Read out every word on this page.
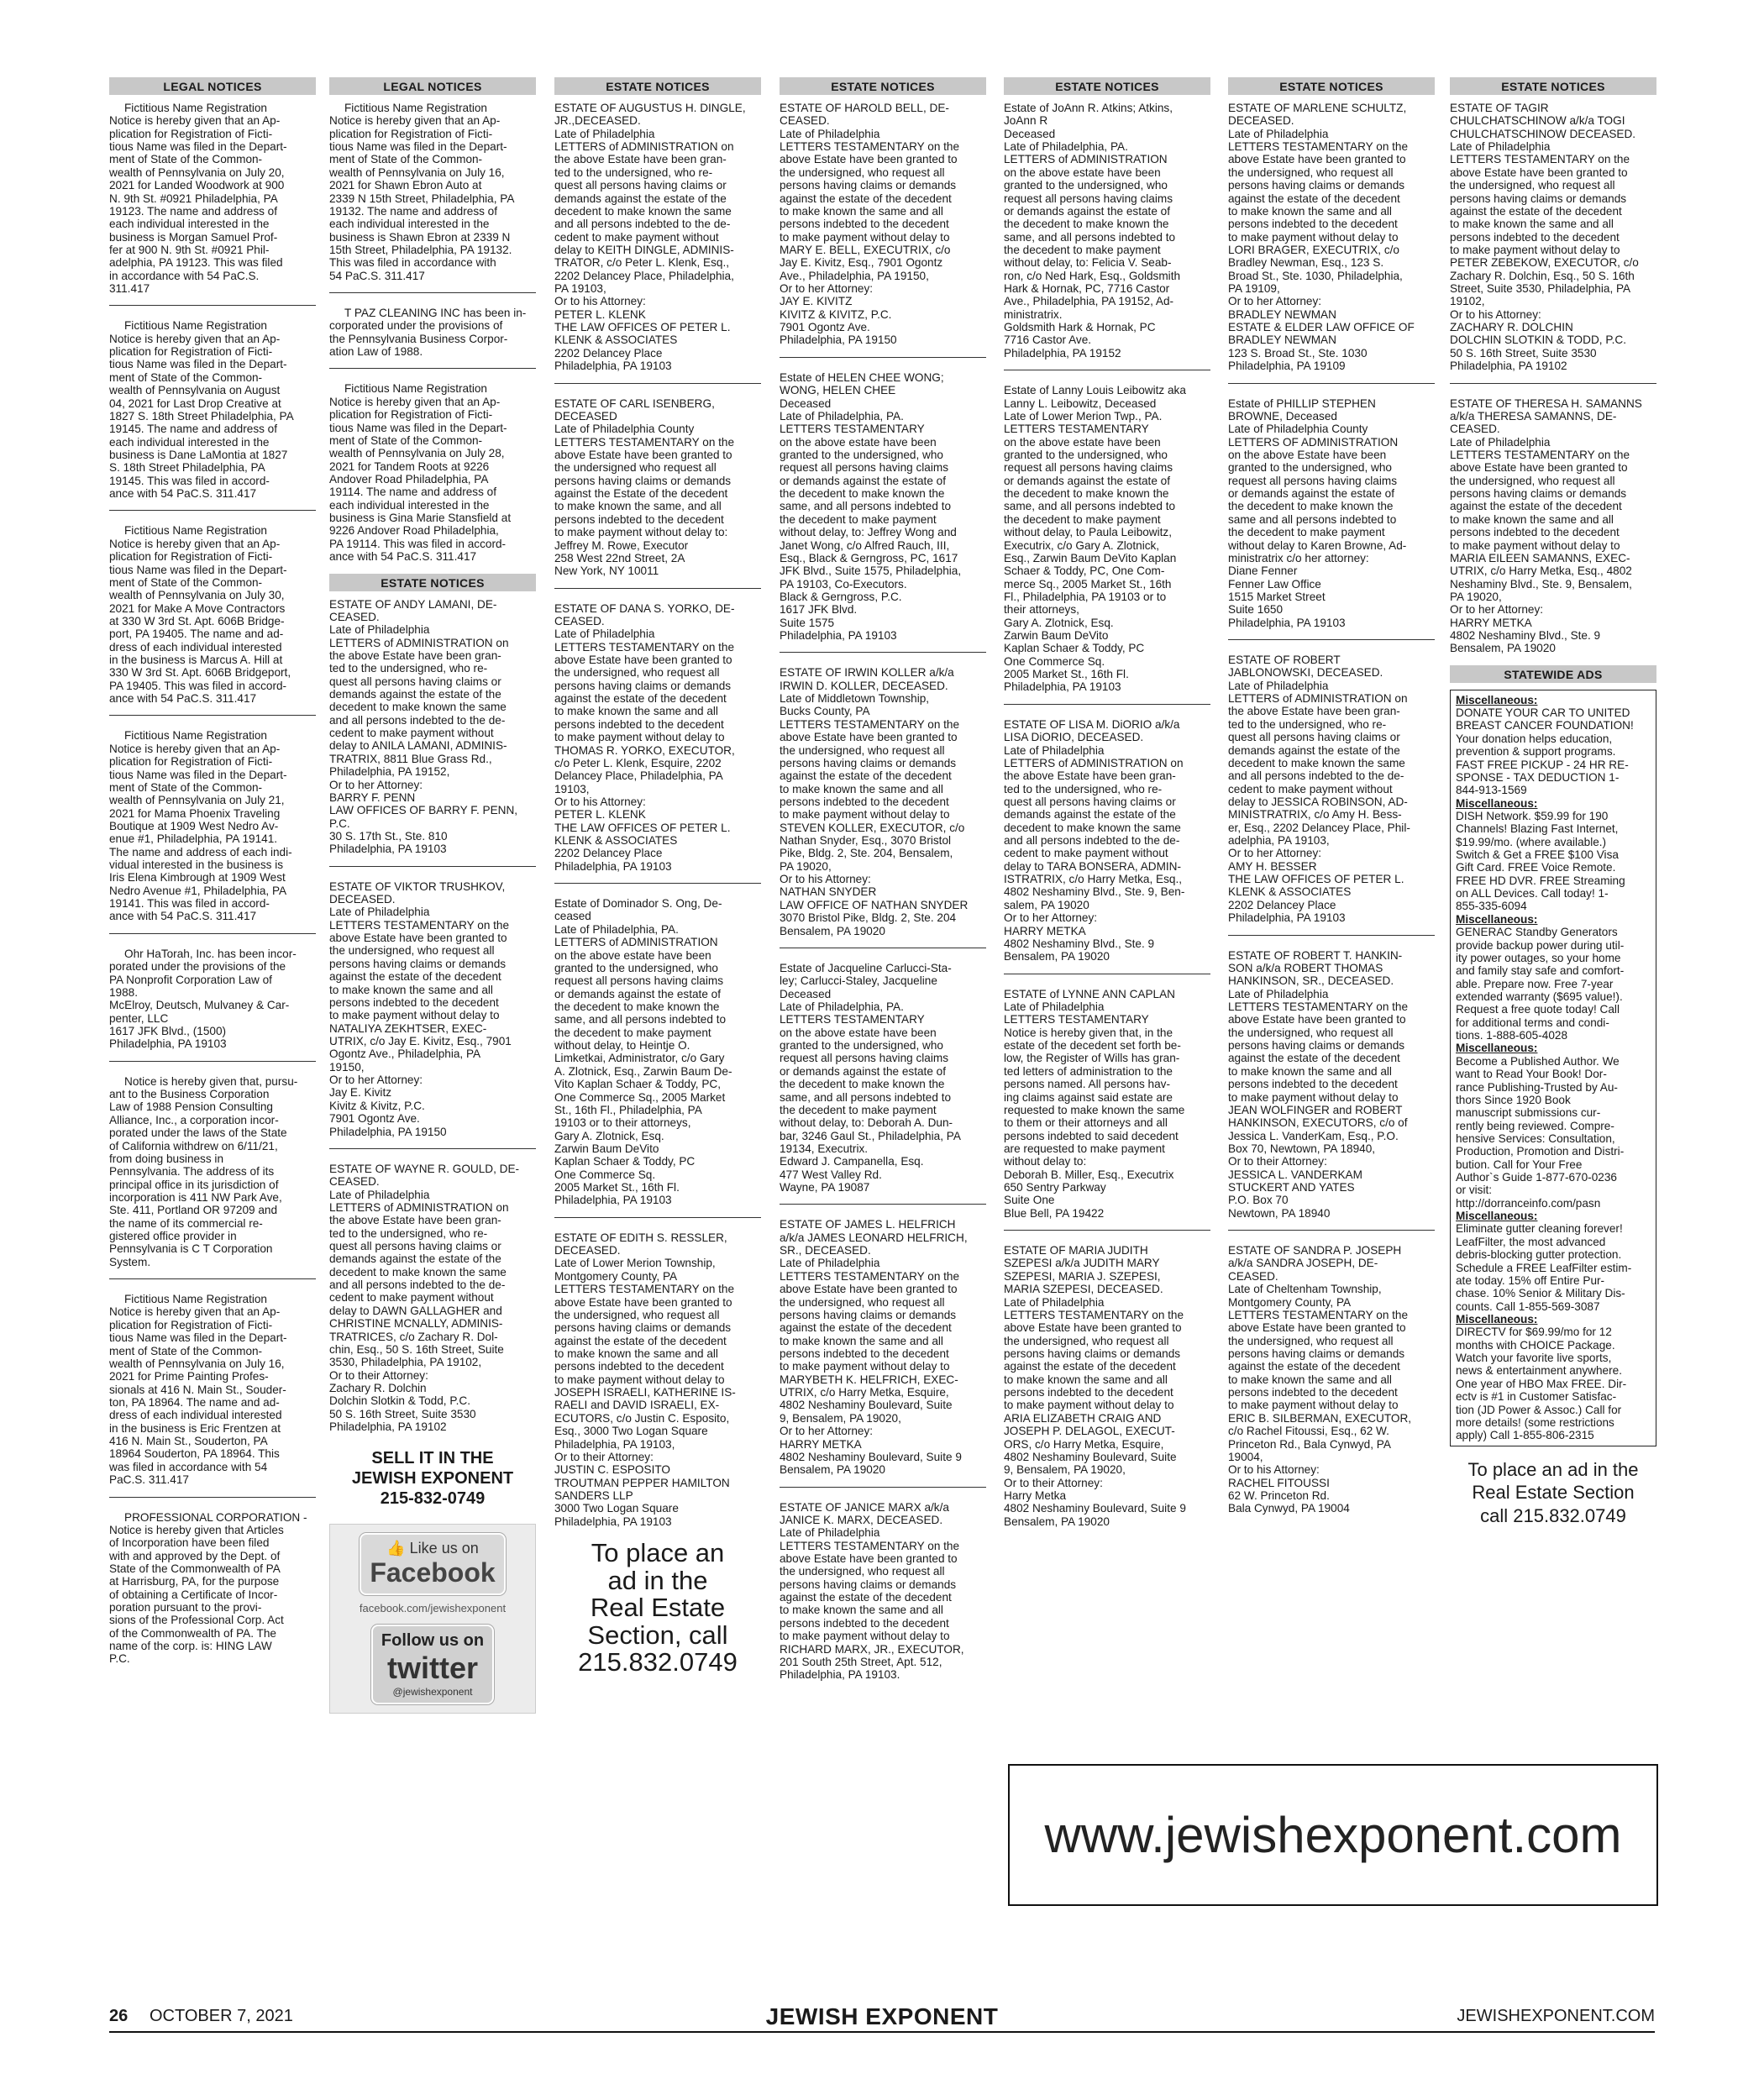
LEGAL NOTICES
Fictitious Name Registration
Notice is hereby given that an Ap-
plication for Registration of Ficti-
tious Name was filed in the Depart-
ment of State of the Common-
wealth of Pennsylvania on July 20,
2021 for Landed Woodwork at 900
N. 9th St. #0921 Philadelphia, PA
19123. The name and address of
each individual interested in the
business is Morgan Samuel Prof-
fer at 900 N. 9th St. #0921 Phil-
adelphia, PA 19123. This was filed
in accordance with 54 PaC.S.
311.417
Fictitious Name Registration
Notice is hereby given that an Ap-
plication for Registration of Ficti-
tious Name was filed in the Depart-
ment of State of the Common-
wealth of Pennsylvania on August
04, 2021 for Last Drop Creative at
1827 S. 18th Street Philadelphia, PA
19145. The name and address of
each individual interested in the
business is Dane LaMontia at 1827
S. 18th Street Philadelphia, PA
19145. This was filed in accord-
ance with 54 PaC.S. 311.417
Fictitious Name Registration
Notice is hereby given that an Ap-
plication for Registration of Ficti-
tious Name was filed in the Depart-
ment of State of the Common-
wealth of Pennsylvania on July 30,
2021 for Make A Move Contractors
at 330 W 3rd St. Apt. 606B Bridge-
port, PA 19405. The name and ad-
dress of each individual interested
in the business is Marcus A. Hill at
330 W 3rd St. Apt. 606B Bridgeport,
PA 19405. This was filed in accord-
ance with 54 PaC.S. 311.417
Fictitious Name Registration
Notice is hereby given that an Ap-
plication for Registration of Ficti-
tious Name was filed in the Depart-
ment of State of the Common-
wealth of Pennsylvania on July 21,
2021 for Mama Phoenix Traveling
Boutique at 1909 West Nedro Av-
enue #1, Philadelphia, PA 19141.
The name and address of each indi-
vidual interested in the business is
Iris Elena Kimbrough at 1909 West
Nedro Avenue #1, Philadelphia, PA
19141. This was filed in accord-
ance with 54 PaC.S. 311.417
Ohr HaTorah, Inc. has been incor-
porated under the provisions of the
PA Nonprofit Corporation Law of
1988.
McElroy, Deutsch, Mulvaney & Car-
penter, LLC
1617 JFK Blvd., (1500)
Philadelphia, PA 19103
Notice is hereby given that, pursu-
ant to the Business Corporation
Law of 1988 Pension Consulting
Alliance, Inc., a corporation incor-
porated under the laws of the State
of California withdrew on 6/11/21,
from doing business in
Pennsylvania. The address of its
principal office in its jurisdiction of
incorporation is 411 NW Park Ave,
Ste. 411, Portland OR 97209 and
the name of its commercial re-
gistered office provider in
Pennsylvania is C T Corporation
System.
Fictitious Name Registration
Notice is hereby given that an Ap-
plication for Registration of Ficti-
tious Name was filed in the Depart-
ment of State of the Common-
wealth of Pennsylvania on July 16,
2021 for Prime Painting Profes-
sionals at 416 N. Main St., Souder-
ton, PA 18964. The name and ad-
dress of each individual interested
in the business is Eric Frentzen at
416 N. Main St., Souderton, PA
18964 Souderton, PA 18964. This
was filed in accordance with 54
PaC.S. 311.417
PROFESSIONAL CORPORATION -
Notice is hereby given that Articles
of Incorporation have been filed
with and approved by the Dept. of
State of the Commonwealth of PA
at Harrisburg, PA, for the purpose
of obtaining a Certificate of Incor-
poration pursuant to the provi-
sions of the Professional Corp. Act
of the Commonwealth of PA. The
name of the corp. is: HING LAW
P.C.
LEGAL NOTICES
Fictitious Name Registration
Notice is hereby given that an Ap-
plication for Registration of Ficti-
tious Name was filed in the Depart-
ment of State of the Common-
wealth of Pennsylvania on July 16,
2021 for Shawn Ebron Auto at
2339 N 15th Street, Philadelphia, PA
19132. The name and address of
each individual interested in the
business is Shawn Ebron at 2339 N
15th Street, Philadelphia, PA 19132.
This was filed in accordance with
54 PaC.S. 311.417
T PAZ CLEANING INC has been in-
corporated under the provisions of
the Pennsylvania Business Corpor-
ation Law of 1988.
Fictitious Name Registration
Notice is hereby given that an Ap-
plication for Registration of Ficti-
tious Name was filed in the Depart-
ment of State of the Common-
wealth of Pennsylvania on July 28,
2021 for Tandem Roots at 9226
Andover Road Philadelphia, PA
19114. The name and address of
each individual interested in the
business is Gina Marie Stansfield at
9226 Andover Road Philadelphia,
PA 19114. This was filed in accord-
ance with 54 PaC.S. 311.417
ESTATE NOTICES
ESTATE OF ANDY LAMANI, DE-
CEASED.
Late of Philadelphia
LETTERS of ADMINISTRATION on
the above Estate have been gran-
ted to the undersigned, who re-
quest all persons having claims or
demands against the estate of the
decedent to make known the same
and all persons indebted to the de-
cedent to make payment without
delay to ANILA LAMANI, ADMINIS-
TRATRIX, 8811 Blue Grass Rd.,
Philadelphia, PA 19152,
Or to her Attorney:
BARRY F. PENN
LAW OFFICES OF BARRY F. PENN,
P.C.
30 S. 17th St., Ste. 810
Philadelphia, PA 19103
ESTATE OF VIKTOR TRUSHKOV,
DECEASED.
Late of Philadelphia
LETTERS TESTAMENTARY on the
above Estate have been granted to
the undersigned, who request all
persons having claims or demands
against the estate of the decedent
to make known the same and all
persons indebted to the decedent
to make payment without delay to
NATALIYA ZEKHTSER, EXEC-
UTRIX, c/o Jay E. Kivitz, Esq., 7901
Ogontz Ave., Philadelphia, PA
19150,
Or to her Attorney:
Jay E. Kivitz
Kivitz & Kivitz, P.C.
7901 Ogontz Ave.
Philadelphia, PA 19150
ESTATE OF WAYNE R. GOULD, DE-
CEASED.
Late of Philadelphia
LETTERS of ADMINISTRATION on
the above Estate have been gran-
ted to the undersigned, who re-
quest all persons having claims or
demands against the estate of the
decedent to make known the same
and all persons indebted to the de-
cedent to make payment without
delay to DAWN GALLAGHER and
CHRISTINE MCNALLY, ADMINIS-
TRATRICES, c/o Zachary R. Dol-
chin, Esq., 50 S. 16th Street, Suite
3530, Philadelphia, PA 19102,
Or to their Attorney:
Zachary R. Dolchin
Dolchin Slotkin & Todd, P.C.
50 S. 16th Street, Suite 3530
Philadelphia, PA 19102
SELL IT IN THE
JEWISH EXPONENT
215-832-0749
👍 Like us on
Facebook
facebook.com/jewishexponent
Follow us on
twitter
@jewishexponent
ESTATE NOTICES
ESTATE OF AUGUSTUS H. DINGLE,
JR.,DECEASED.
Late of Philadelphia
LETTERS of ADMINISTRATION on
the above Estate have been gran-
ted to the undersigned, who re-
quest all persons having claims or
demands against the estate of the
decedent to make known the same
and all persons indebted to the de-
cedent to make payment without
delay to KEITH DINGLE, ADMINIS-
TRATOR, c/o Peter L. Klenk, Esq.,
2202 Delancey Place, Philadelphia,
PA 19103,
Or to his Attorney:
PETER L. KLENK
THE LAW OFFICES OF PETER L.
KLENK & ASSOCIATES
2202 Delancey Place
Philadelphia, PA 19103
ESTATE OF CARL ISENBERG,
DECEASED
Late of Philadelphia County
LETTERS TESTAMENTARY on the
above Estate have been granted to
the undersigned who request all
persons having claims or demands
against the Estate of the decedent
to make known the same, and all
persons indebted to the decedent
to make payment without delay to:
Jeffrey M. Rowe, Executor
258 West 22nd Street, 2A
New York, NY 10011
ESTATE OF DANA S. YORKO, DE-
CEASED.
Late of Philadelphia
LETTERS TESTAMENTARY on the
above Estate have been granted to
the undersigned, who request all
persons having claims or demands
against the estate of the decedent
to make known the same and all
persons indebted to the decedent
to make payment without delay to
THOMAS R. YORKO, EXECUTOR,
c/o Peter L. Klenk, Esquire, 2202
Delancey Place, Philadelphia, PA
19103,
Or to his Attorney:
PETER L. KLENK
THE LAW OFFICES OF PETER L.
KLENK & ASSOCIATES
2202 Delancey Place
Philadelphia, PA 19103
Estate of Dominador S. Ong, De-
ceased
Late of Philadelphia, PA.
LETTERS of ADMINISTRATION
on the above estate have been
granted to the undersigned, who
request all persons having claims
or demands against the estate of
the decedent to make known the
same, and all persons indebted to
the decedent to make payment
without delay, to Heintje O.
Limketkai, Administrator, c/o Gary
A. Zlotnick, Esq., Zarwin Baum De-
Vito Kaplan Schaer & Toddy, PC,
One Commerce Sq., 2005 Market
St., 16th Fl., Philadelphia, PA
19103 or to their attorneys,
Gary A. Zlotnick, Esq.
Zarwin Baum DeVito
Kaplan Schaer & Toddy, PC
One Commerce Sq.
2005 Market St., 16th Fl.
Philadelphia, PA 19103
ESTATE OF EDITH S. RESSLER,
DECEASED.
Late of Lower Merion Township,
Montgomery County, PA
LETTERS TESTAMENTARY on the
above Estate have been granted to
the undersigned, who request all
persons having claims or demands
against the estate of the decedent
to make known the same and all
persons indebted to the decedent
to make payment without delay to
JOSEPH ISRAELI, KATHERINE IS-
RAELI and DAVID ISRAELI, EX-
ECUTORS, c/o Justin C. Esposito,
Esq., 3000 Two Logan Square
Philadelphia, PA 19103,
Or to their Attorney:
JUSTIN C. ESPOSITO
TROUTMAN PEPPER HAMILTON
SANDERS LLP
3000 Two Logan Square
Philadelphia, PA 19103
To place an
ad in the
Real Estate
Section, call
215.832.0749
ESTATE NOTICES
ESTATE OF HAROLD BELL, DE-
CEASED.
Late of Philadelphia
LETTERS TESTAMENTARY on the
above Estate have been granted to
the undersigned, who request all
persons having claims or demands
against the estate of the decedent
to make known the same and all
persons indebted to the decedent
to make payment without delay to
MARY E. BELL, EXECUTRIX, c/o
Jay E. Kivitz, Esq., 7901 Ogontz
Ave., Philadelphia, PA 19150,
Or to her Attorney:
JAY E. KIVITZ
KIVITZ & KIVITZ, P.C.
7901 Ogontz Ave.
Philadelphia, PA 19150
Estate of HELEN CHEE WONG;
WONG, HELEN CHEE
Deceased
Late of Philadelphia, PA.
LETTERS TESTAMENTARY
on the above estate have been
granted to the undersigned, who
request all persons having claims
or demands against the estate of
the decedent to make known the
same, and all persons indebted to
the decedent to make payment
without delay, to: Jeffrey Wong and
Janet Wong, c/o Alfred Rauch, III,
Esq., Black & Gerngross, PC, 1617
JFK Blvd., Suite 1575, Philadelphia,
PA 19103, Co-Executors.
Black & Gerngross, P.C.
1617 JFK Blvd.
Suite 1575
Philadelphia, PA 19103
ESTATE OF IRWIN KOLLER a/k/a
IRWIN D. KOLLER, DECEASED.
Late of Middletown Township,
Bucks County, PA
LETTERS TESTAMENTARY on the
above Estate have been granted to
the undersigned, who request all
persons having claims or demands
against the estate of the decedent
to make known the same and all
persons indebted to the decedent
to make payment without delay to
STEVEN KOLLER, EXECUTOR, c/o
Nathan Snyder, Esq., 3070 Bristol
Pike, Bldg. 2, Ste. 204, Bensalem,
PA 19020,
Or to his Attorney:
NATHAN SNYDER
LAW OFFICE OF NATHAN SNYDER
3070 Bristol Pike, Bldg. 2, Ste. 204
Bensalem, PA 19020
Estate of Jacqueline Carlucci-Sta-
ley; Carlucci-Staley, Jacqueline
Deceased
Late of Philadelphia, PA.
LETTERS TESTAMENTARY
on the above estate have been
granted to the undersigned, who
request all persons having claims
or demands against the estate of
the decedent to make known the
same, and all persons indebted to
the decedent to make payment
without delay, to: Deborah A. Dun-
bar, 3246 Gaul St., Philadelphia, PA
19134, Executrix.
Edward J. Campanella, Esq.
477 West Valley Rd.
Wayne, PA 19087
ESTATE OF JAMES L. HELFRICH
a/k/a JAMES LEONARD HELFRICH,
SR., DECEASED.
Late of Philadelphia
LETTERS TESTAMENTARY on the
above Estate have been granted to
the undersigned, who request all
persons having claims or demands
against the estate of the decedent
to make known the same and all
persons indebted to the decedent
to make payment without delay to
MARYBETH K. HELFRICH, EXEC-
UTRIX, c/o Harry Metka, Esquire,
4802 Neshaminy Boulevard, Suite
9, Bensalem, PA 19020,
Or to her Attorney:
HARRY METKA
4802 Neshaminy Boulevard, Suite 9
Bensalem, PA 19020
ESTATE OF JANICE MARX a/k/a
JANICE K. MARX, DECEASED.
Late of Philadelphia
LETTERS TESTAMENTARY on the
above Estate have been granted to
the undersigned, who request all
persons having claims or demands
against the estate of the decedent
to make known the same and all
persons indebted to the decedent
to make payment without delay to
RICHARD MARX, JR., EXECUTOR,
201 South 25th Street, Apt. 512,
Philadelphia, PA 19103.
ESTATE NOTICES
Estate of JoAnn R. Atkins; Atkins,
JoAnn R
Deceased
Late of Philadelphia, PA.
LETTERS of ADMINISTRATION
on the above estate have been
granted to the undersigned, who
request all persons having claims
or demands against the estate of
the decedent to make known the
same, and all persons indebted to
the decedent to make payment
without delay, to: Felicia V. Seab-
ron, c/o Ned Hark, Esq., Goldsmith
Hark & Hornak, PC, 7716 Castor
Ave., Philadelphia, PA 19152, Ad-
ministratrix.
Goldsmith Hark & Hornak, PC
7716 Castor Ave.
Philadelphia, PA 19152
Estate of Lanny Louis Leibowitz aka
Lanny L. Leibowitz, Deceased
Late of Lower Merion Twp., PA.
LETTERS TESTAMENTARY
on the above estate have been
granted to the undersigned, who
request all persons having claims
or demands against the estate of
the decedent to make known the
same, and all persons indebted to
the decedent to make payment
without delay, to Paula Leibowitz,
Executrix, c/o Gary A. Zlotnick,
Esq., Zarwin Baum DeVito Kaplan
Schaer & Toddy, PC, One Com-
merce Sq., 2005 Market St., 16th
Fl., Philadelphia, PA 19103 or to
their attorneys,
Gary A. Zlotnick, Esq.
Zarwin Baum DeVito
Kaplan Schaer & Toddy, PC
One Commerce Sq.
2005 Market St., 16th Fl.
Philadelphia, PA 19103
ESTATE OF LISA M. DiORIO a/k/a
LISA DiORIO, DECEASED.
Late of Philadelphia
LETTERS of ADMINISTRATION on
the above Estate have been gran-
ted to the undersigned, who re-
quest all persons having claims or
demands against the estate of the
decedent to make known the same
and all persons indebted to the de-
cedent to make payment without
delay to TARA BONSERA, ADMIN-
ISTRATRIX, c/o Harry Metka, Esq.,
4802 Neshaminy Blvd., Ste. 9, Ben-
salem, PA 19020
Or to her Attorney:
HARRY METKA
4802 Neshaminy Blvd., Ste. 9
Bensalem, PA 19020
ESTATE of LYNNE ANN CAPLAN
Late of Philadelphia
LETTERS TESTAMENTARY
Notice is hereby given that, in the
estate of the decedent set forth be-
low, the Register of Wills has gran-
ted letters of administration to the
persons named. All persons hav-
ing claims against said estate are
requested to make known the same
to them or their attorneys and all
persons indebted to said decedent
are requested to make payment
without delay to:
Deborah B. Miller, Esq., Executrix
650 Sentry Parkway
Suite One
Blue Bell, PA 19422
ESTATE OF MARIA JUDITH
SZEPESI a/k/a JUDITH MARY
SZEPESI, MARIA J. SZEPESI,
MARIA SZEPESI, DECEASED.
Late of Philadelphia
LETTERS TESTAMENTARY on the
above Estate have been granted to
the undersigned, who request all
persons having claims or demands
against the estate of the decedent
to make known the same and all
persons indebted to the decedent
to make payment without delay to
ARIA ELIZABETH CRAIG AND
JOSEPH P. DELAGOL, EXECUT-
ORS, c/o Harry Metka, Esquire,
4802 Neshaminy Boulevard, Suite
9, Bensalem, PA 19020,
Or to their Attorney:
Harry Metka
4802 Neshaminy Boulevard, Suite 9
Bensalem, PA 19020
ESTATE NOTICES
ESTATE OF MARLENE SCHULTZ,
DECEASED.
Late of Philadelphia
LETTERS TESTAMENTARY on the
above Estate have been granted to
the undersigned, who request all
persons having claims or demands
against the estate of the decedent
to make known the same and all
persons indebted to the decedent
to make payment without delay to
LORI BRAGER, EXECUTRIX, c/o
Bradley Newman, Esq., 123 S.
Broad St., Ste. 1030, Philadelphia,
PA 19109,
Or to her Attorney:
BRADLEY NEWMAN
ESTATE & ELDER LAW OFFICE OF
BRADLEY NEWMAN
123 S. Broad St., Ste. 1030
Philadelphia, PA 19109
Estate of PHILLIP STEPHEN
BROWNE, Deceased
Late of Philadelphia County
LETTERS OF ADMINISTRATION
on the above Estate have been
granted to the undersigned, who
request all persons having claims
or demands against the estate of
the decedent to make known the
same and all persons indebted to
the decedent to make payment
without delay to Karen Browne, Ad-
ministratrix c/o her attorney:
Diane Fenner
Fenner Law Office
1515 Market Street
Suite 1650
Philadelphia, PA 19103
ESTATE OF ROBERT
JABLONOWSKI, DECEASED.
Late of Philadelphia
LETTERS of ADMINISTRATION on
the above Estate have been gran-
ted to the undersigned, who re-
quest all persons having claims or
demands against the estate of the
decedent to make known the same
and all persons indebted to the de-
cedent to make payment without
delay to JESSICA ROBINSON, AD-
MINISTRATRIX, c/o Amy H. Bess-
er, Esq., 2202 Delancey Place, Phil-
adelphia, PA 19103,
Or to her Attorney:
AMY H. BESSER
THE LAW OFFICES OF PETER L.
KLENK & ASSOCIATES
2202 Delancey Place
Philadelphia, PA 19103
ESTATE OF ROBERT T. HANKIN-
SON a/k/a ROBERT THOMAS
HANKINSON, SR., DECEASED.
Late of Philadelphia
LETTERS TESTAMENTARY on the
above Estate have been granted to
the undersigned, who request all
persons having claims or demands
against the estate of the decedent
to make known the same and all
persons indebted to the decedent
to make payment without delay to
JEAN WOLFINGER and ROBERT
HANKINSON, EXECUTORS, c/o of
Jessica L. VanderKam, Esq., P.O.
Box 70, Newtown, PA 18940,
Or to their Attorney:
JESSICA L. VANDERKAM
STUCKERT AND YATES
P.O. Box 70
Newtown, PA 18940
ESTATE OF SANDRA P. JOSEPH
a/k/a SANDRA JOSEPH, DE-
CEASED.
Late of Cheltenham Township,
Montgomery County, PA
LETTERS TESTAMENTARY on the
above Estate have been granted to
the undersigned, who request all
persons having claims or demands
against the estate of the decedent
to make known the same and all
persons indebted to the decedent
to make payment without delay to
ERIC B. SILBERMAN, EXECUTOR,
c/o Rachel Fitoussi, Esq., 62 W.
Princeton Rd., Bala Cynwyd, PA
19004,
Or to his Attorney:
RACHEL FITOUSSI
62 W. Princeton Rd.
Bala Cynwyd, PA 19004
ESTATE NOTICES
ESTATE OF TAGIR
CHULCHATSCHINOW a/k/a TOGI
CHULCHATSCHINOW DECEASED.
Late of Philadelphia
LETTERS TESTAMENTARY on the
above Estate have been granted to
the undersigned, who request all
persons having claims or demands
against the estate of the decedent
to make known the same and all
persons indebted to the decedent
to make payment without delay to
PETER ZEBEKOW, EXECUTOR, c/o
Zachary R. Dolchin, Esq., 50 S. 16th
Street, Suite 3530, Philadelphia, PA
19102,
Or to his Attorney:
ZACHARY R. DOLCHIN
DOLCHIN SLOTKIN & TODD, P.C.
50 S. 16th Street, Suite 3530
Philadelphia, PA 19102
ESTATE OF THERESA H. SAMANNS
a/k/a THERESA SAMANNS, DE-
CEASED.
Late of Philadelphia
LETTERS TESTAMENTARY on the
above Estate have been granted to
the undersigned, who request all
persons having claims or demands
against the estate of the decedent
to make known the same and all
persons indebted to the decedent
to make payment without delay to
MARIA EILEEN SAMANNS, EXEC-
UTRIX, c/o Harry Metka, Esq., 4802
Neshaminy Blvd., Ste. 9, Bensalem,
PA 19020,
Or to her Attorney:
HARRY METKA
4802 Neshaminy Blvd., Ste. 9
Bensalem, PA 19020
STATEWIDE ADS
Miscellaneous:
DONATE YOUR CAR TO UNITED
BREAST CANCER FOUNDATION!
Your donation helps education,
prevention & support programs.
FAST FREE PICKUP - 24 HR RE-
SPONSE - TAX DEDUCTION 1-
844-913-1569
Miscellaneous:
DISH Network. $59.99 for 190
Channels! Blazing Fast Internet,
$19.99/mo. (where available.)
Switch & Get a FREE $100 Visa
Gift Card. FREE Voice Remote.
FREE HD DVR. FREE Streaming
on ALL Devices. Call today! 1-
855-335-6094
Miscellaneous:
GENERAC Standby Generators
provide backup power during util-
ity power outages, so your home
and family stay safe and comfort-
able. Prepare now. Free 7-year
extended warranty ($695 value!).
Request a free quote today! Call
for additional terms and condi-
tions. 1-888-605-4028
Miscellaneous:
Become a Published Author. We
want to Read Your Book! Dor-
rance Publishing-Trusted by Au-
thors Since 1920 Book
manuscript submissions cur-
rently being reviewed. Compre-
hensive Services: Consultation,
Production, Promotion and Distri-
bution. Call for Your Free
Author`s Guide 1-877-670-0236
or visit:
http://dorranceinfo.com/pasn
Miscellaneous:
Eliminate gutter cleaning forever!
LeafFilter, the most advanced
debris-blocking gutter protection.
Schedule a FREE LeafFilter estim-
ate today. 15% off Entire Pur-
chase. 10% Senior & Military Dis-
counts. Call 1-855-569-3087
Miscellaneous:
DIRECTV for $69.99/mo for 12
months with CHOICE Package.
Watch your favorite live sports,
news & entertainment anywhere.
One year of HBO Max FREE. Dir-
ectv is #1 in Customer Satisfac-
tion (JD Power & Assoc.) Call for
more details! (some restrictions
apply) Call 1-855-806-2315
To place an ad in the
Real Estate Section
call 215.832.0749
www.jewishexponent.com
26 OCTOBER 7, 2021	JEWISH EXPONENT	JEWISHEXPONENT.COM
